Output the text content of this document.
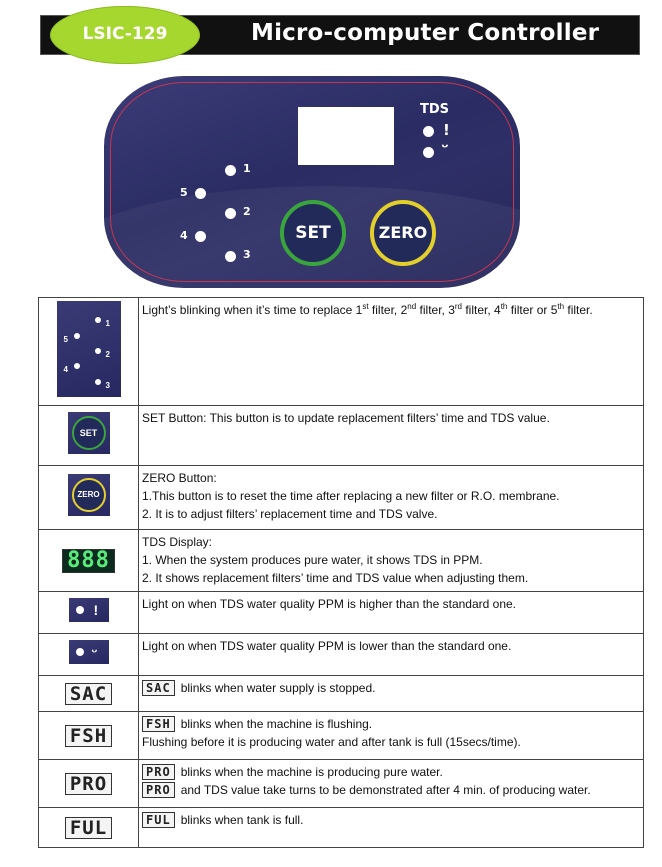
Micro-computer Controller
LSIC-129
TDS
!
ᵕ
1
2
3
4
5
SET	ZERO
1
2
3
4
5	Light’s blinking when it’s time to replace 1st filter, 2nd filter, 3rd filter, 4th filter or 5th filter.

SET	SET Button: This button is to update replacement filters’ time and TDS value.

ZERO	ZERO Button:
1.This button is to reset the time after replacing a new filter or R.O. membrane.
2. It is to adjust filters’ replacement time and TDS valve.

888	TDS Display:
1. When the system produces pure water, it shows TDS in PPM.
2. It shows replacement filters’ time and TDS value when adjusting them.

!	Light on when TDS water quality PPM is higher than the standard one.

ᵕ	Light on when TDS water quality PPM is lower than the standard one.
SAC	SAC blinks when water supply is stopped.
FSH	FSH blinks when the machine is flushing.
Flushing before it is producing water and after tank is full (15secs/time).

PRO	PRO blinks when the machine is producing pure water.
PRO and TDS value take turns to be demonstrated after 4 min. of producing water.

FUL	FUL blinks when tank is full.
